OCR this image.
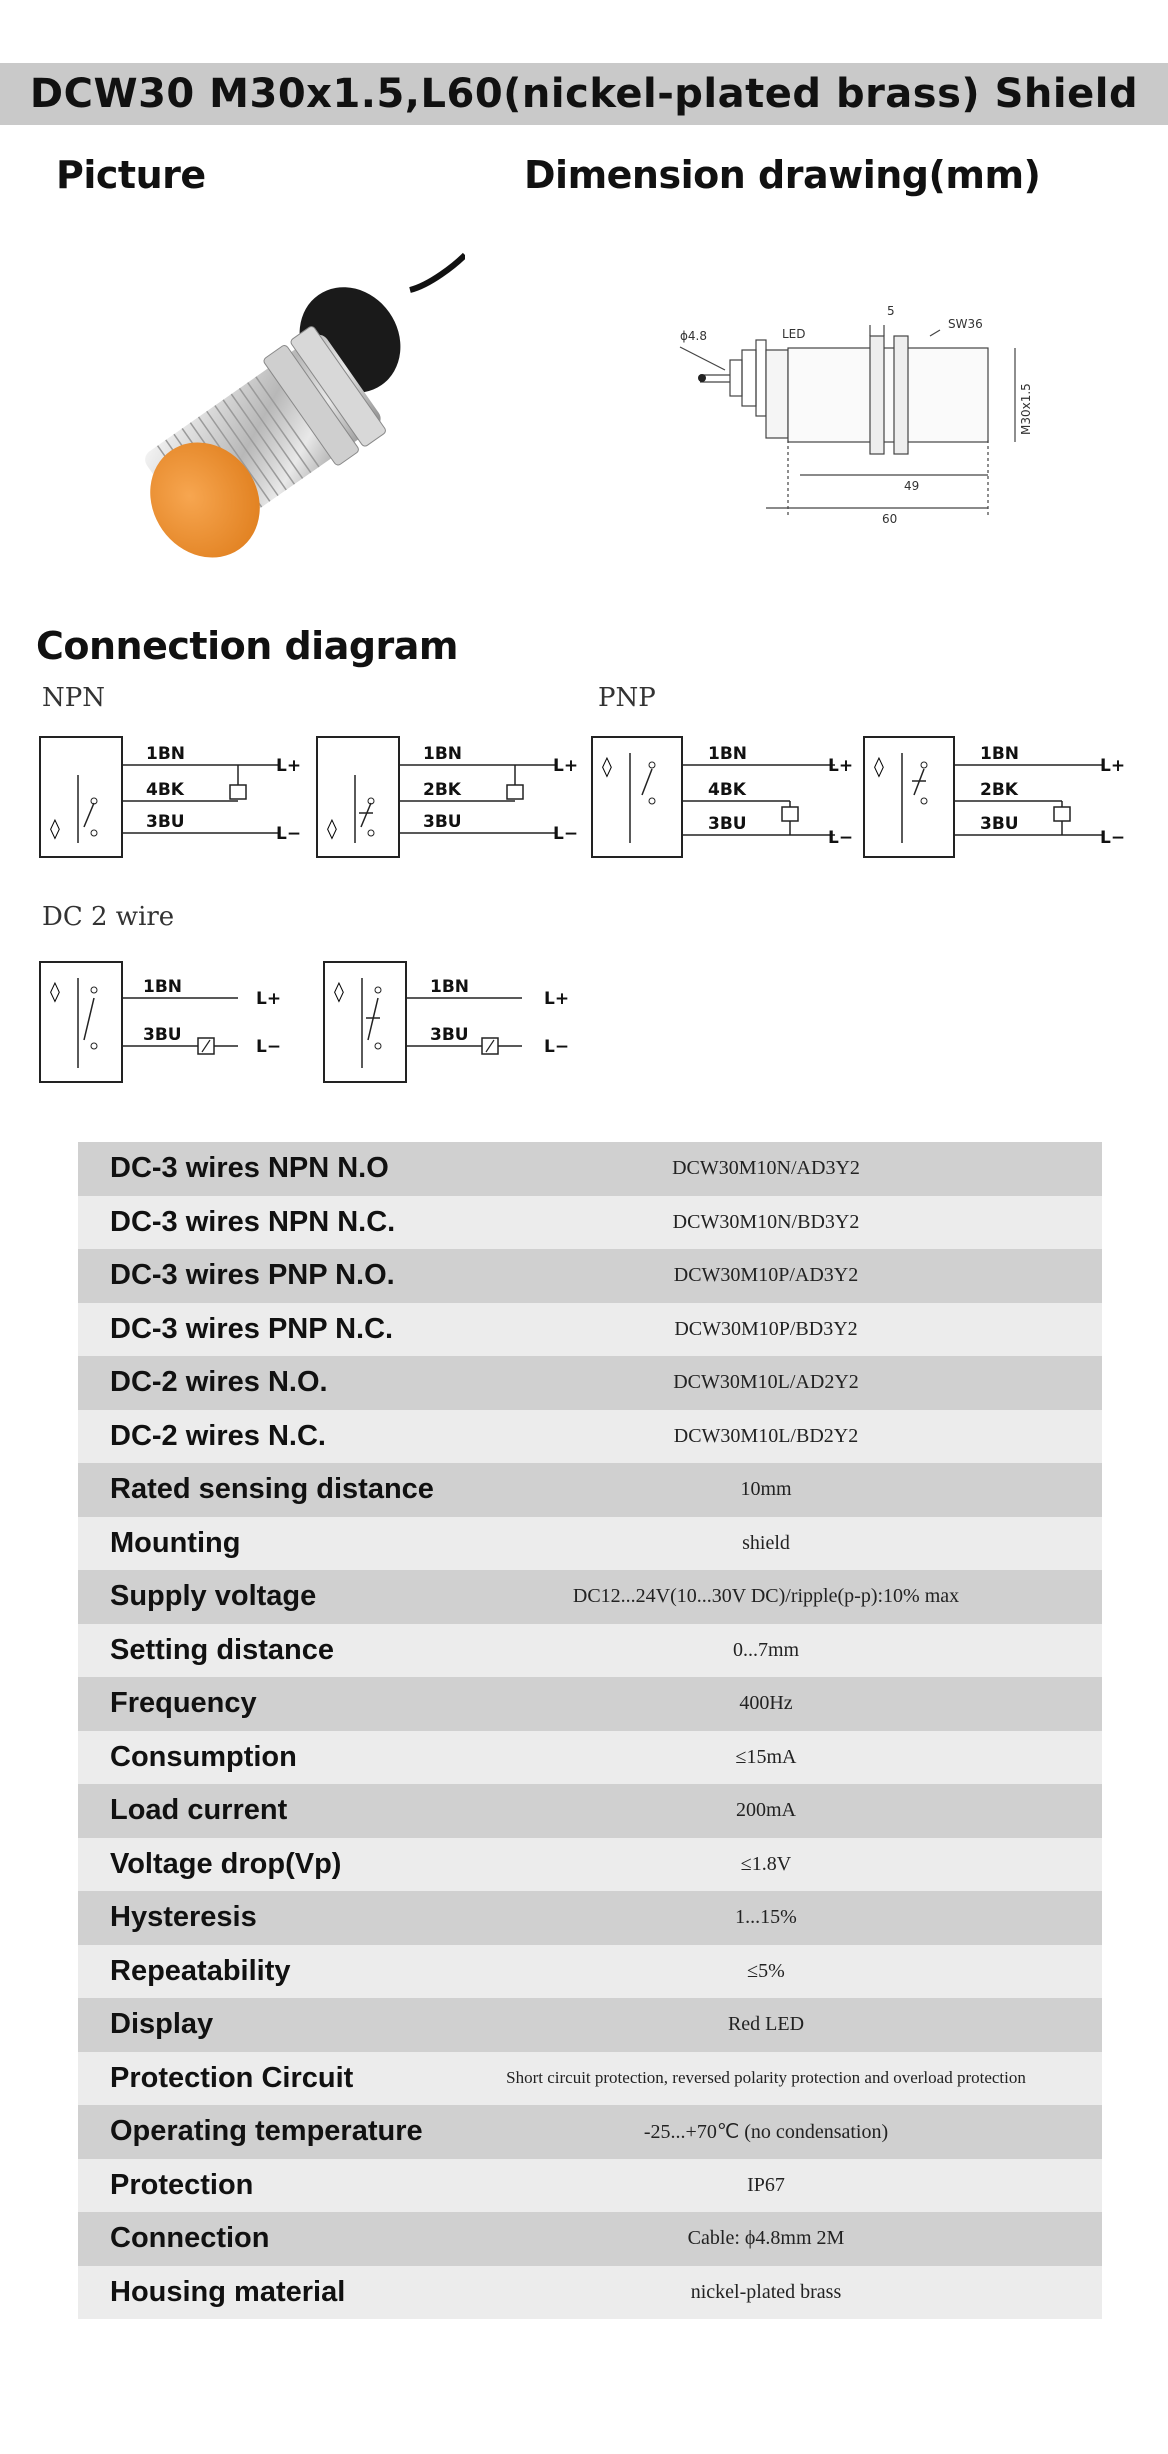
DCW30 M30x1.5,L60(nickel-plated brass) Shield
Picture	Dimension drawing(mm)
ϕ4.8	LED
5
SW36
M30x1.5
49
60
Connection diagram
NPN	PNP
DC 2 wire
◊
1BN
4BK
3BU
L+
L− ◊
1BN
2BK
3BU
L+
L−
◊	1BN
4BK
3BU
L+
L−
◊	1BN
2BK
3BU
L+
L−
◊	1BN
3BU
L+
L−
◊	1BN
3BU
L+
L−
DC-3 wires NPN N.O	DCW30M10N/AD3Y2
DC-3 wires NPN N.C.	DCW30M10N/BD3Y2
DC-3 wires PNP N.O.	DCW30M10P/AD3Y2
DC-3 wires PNP N.C.	DCW30M10P/BD3Y2
DC-2 wires N.O.	DCW30M10L/AD2Y2
DC-2 wires N.C.	DCW30M10L/BD2Y2
Rated sensing distance	10mm
Mounting	shield
Supply voltage	DC12...24V(10...30V DC)/ripple(p-p):10% max
Setting distance	0...7mm
Frequency	400Hz
Consumption	≤15mA
Load current	200mA
Voltage drop(Vp)	≤1.8V
Hysteresis	1...15%
Repeatability	≤5%
Display	Red LED
Protection Circuit	Short circuit protection, reversed polarity protection and overload protection
Operating temperature	-25...+70℃ (no condensation)
Protection	IP67
Connection	Cable: ϕ4.8mm 2M
Housing material	nickel-plated brass
